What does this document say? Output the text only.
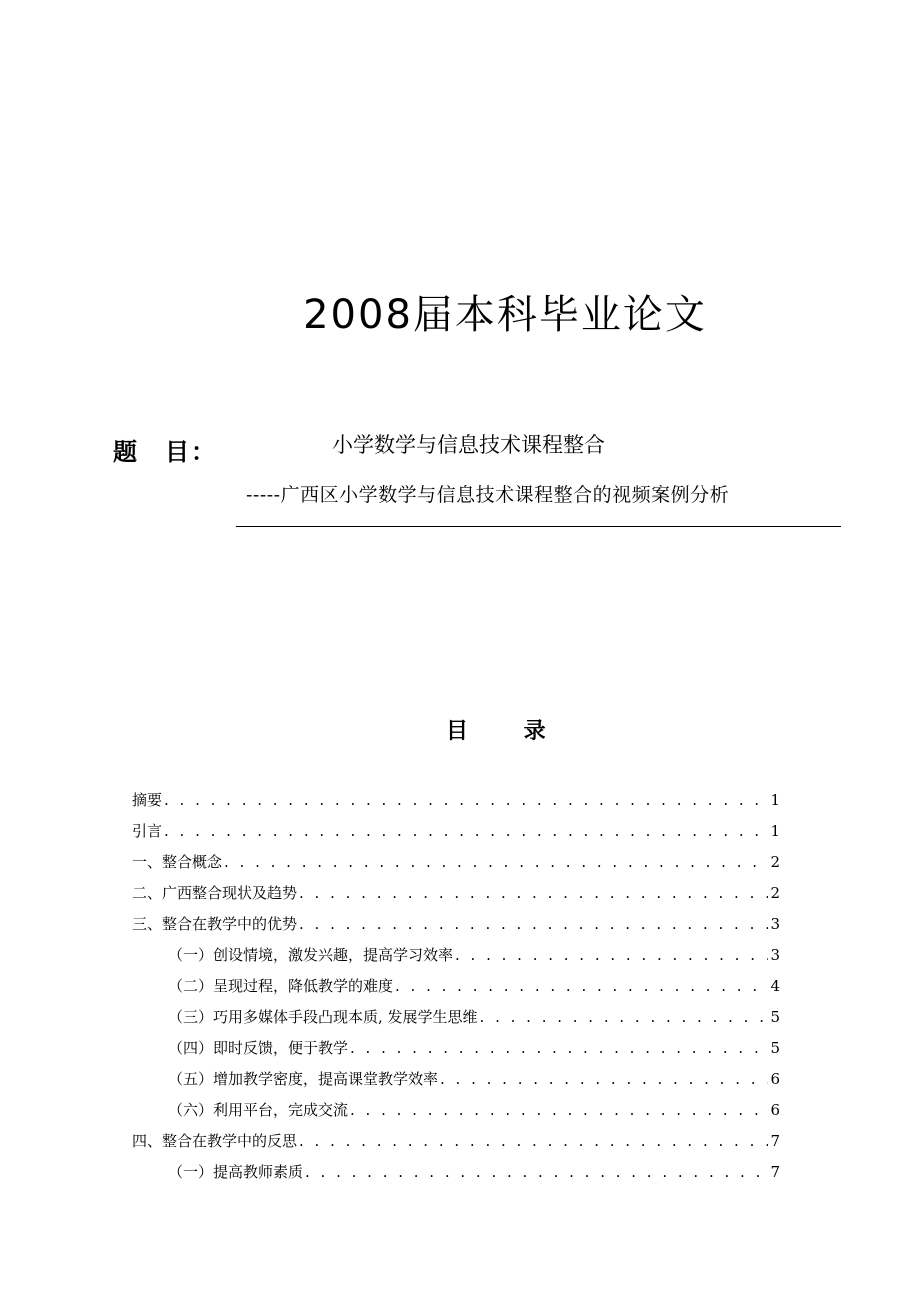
2008届本科毕业论文
题 目：	小学数学与信息技术课程整合
-----广西区小学数学与信息技术课程整合的视频案例分析
目 录
摘要 . . .	1
引言 . . .	1
一、整合概念 . . .	2
二、广西整合现状及趋势 . . .	2
三、整合在教学中的优势 . . .	3
（一）创设情境，激发兴趣，提高学习效率 . . .	3
（二）呈现过程，降低教学的难度 . . .	4
（三）巧用多媒体手段凸现本质, 发展学生思维 . . .	5
（四）即时反馈，便于教学 . . .	5
（五）增加教学密度，提高课堂教学效率 . . .	6
（六）利用平台，完成交流 . . .	6
四、整合在教学中的反思 . . .	7
（一）提高教师素质 . . .	7
